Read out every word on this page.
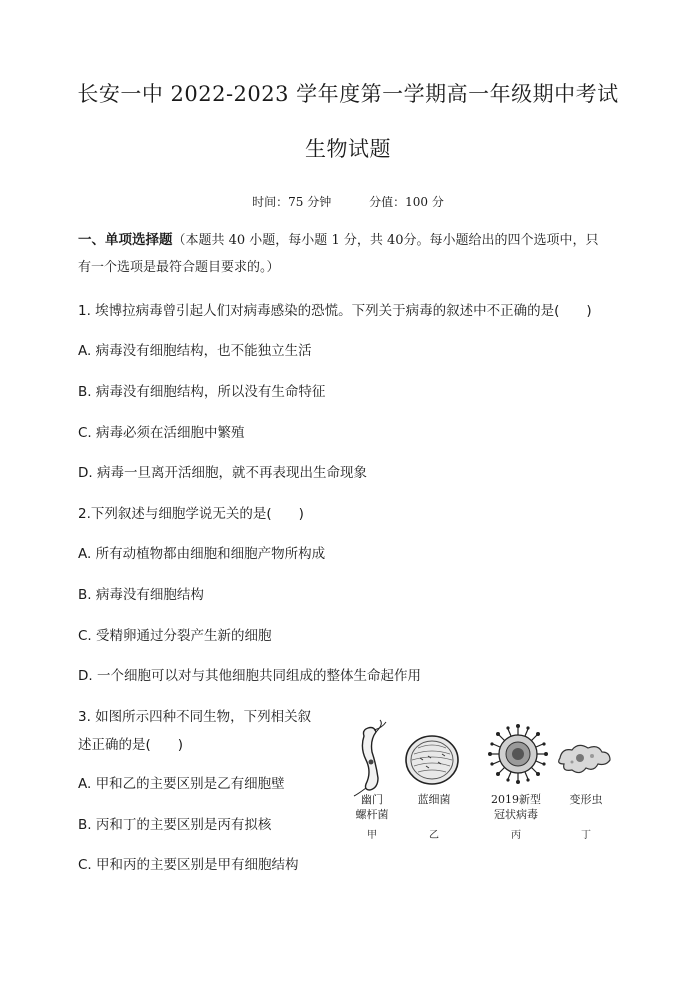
长安一中 2022-2023 学年度第一学期高一年级期中考试
生物试题
时间：75 分钟	分值：100 分
一、单项选择题（本题共 40 小题，每小题 1 分，共 40分。每小题给出的四个选项中，只
有一个选项是最符合题目要求的。）
1. 埃博拉病毒曾引起人们对病毒感染的恐慌。下列关于病毒的叙述中不正确的是(　　)
A. 病毒没有细胞结构，也不能独立生活
B. 病毒没有细胞结构，所以没有生命特征
C. 病毒必须在活细胞中繁殖
D. 病毒一旦离开活细胞，就不再表现出生命现象
2.下列叙述与细胞学说无关的是(　　)
A. 所有动植物都由细胞和细胞产物所构成
B. 病毒没有细胞结构
C. 受精卵通过分裂产生新的细胞
D. 一个细胞可以对与其他细胞共同组成的整体生命起作用
3. 如图所示四种不同生物，下列相关叙
述正确的是(　　)
A. 甲和乙的主要区别是乙有细胞壁
B. 丙和丁的主要区别是丙有拟核
C. 甲和丙的主要区别是甲有细胞结构
幽门
螺杆菌
蓝细菌	2019新型
冠状病毒
变形虫
甲	乙	丙	丁
